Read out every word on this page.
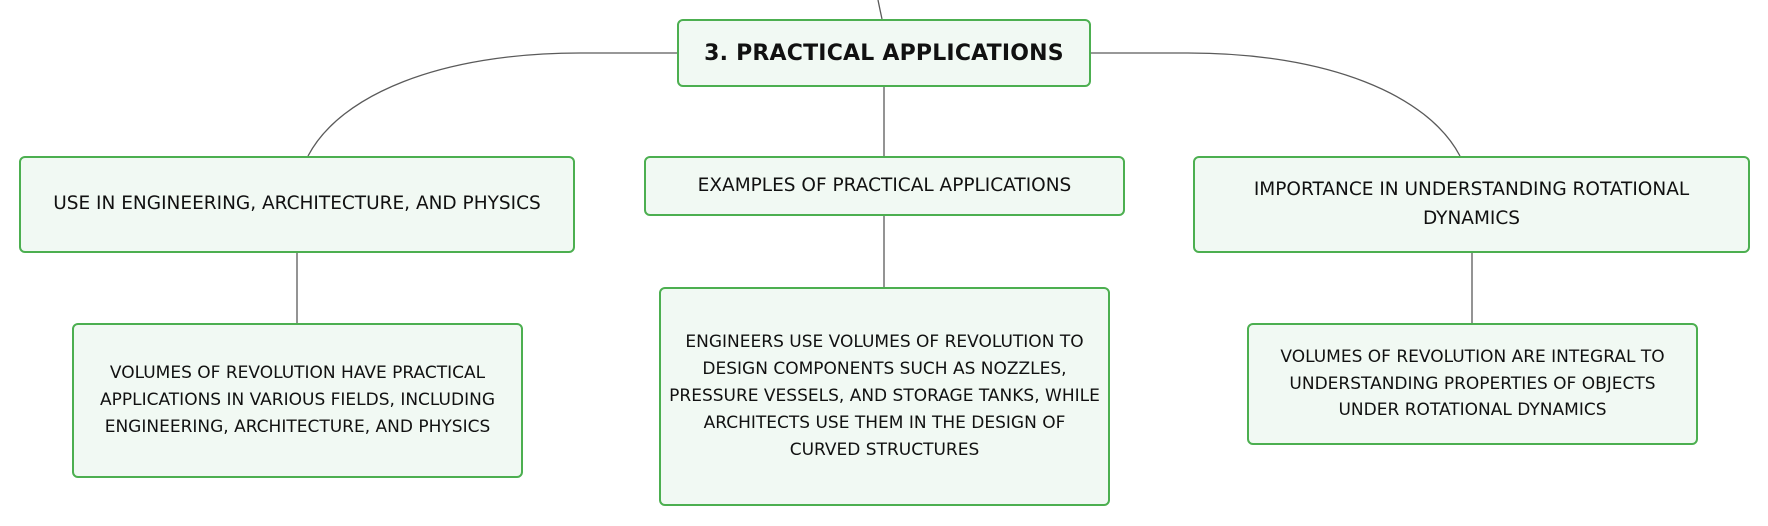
3. PRACTICAL APPLICATIONS
USE IN ENGINEERING, ARCHITECTURE, AND PHYSICS
EXAMPLES OF PRACTICAL APPLICATIONS	IMPORTANCE IN UNDERSTANDING ROTATIONAL DYNAMICS
VOLUMES OF REVOLUTION HAVE PRACTICAL APPLICATIONS IN VARIOUS FIELDS, INCLUDING ENGINEERING, ARCHITECTURE, AND PHYSICS
ENGINEERS USE VOLUMES OF REVOLUTION TO DESIGN COMPONENTS SUCH AS NOZZLES, PRESSURE VESSELS, AND STORAGE TANKS, WHILE ARCHITECTS USE THEM IN THE DESIGN OF CURVED STRUCTURES
VOLUMES OF REVOLUTION ARE INTEGRAL TO UNDERSTANDING PROPERTIES OF OBJECTS UNDER ROTATIONAL DYNAMICS
